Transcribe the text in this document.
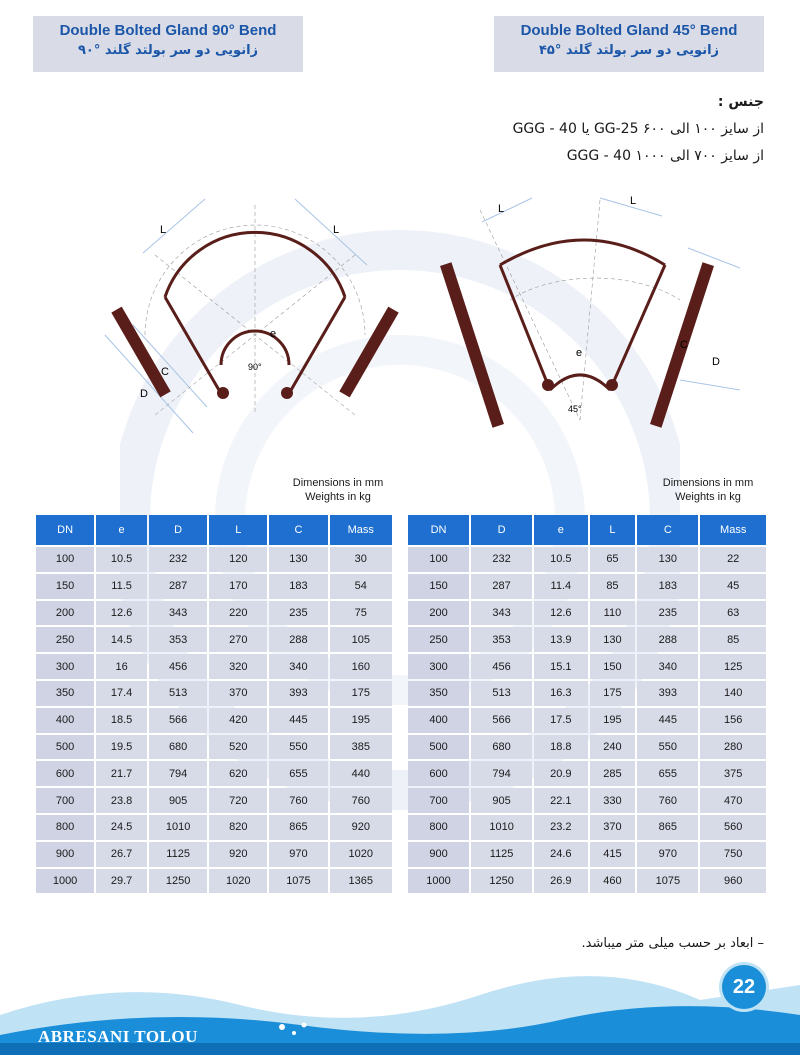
Double Bolted Gland 90° Bend
زانویی دو سر بولتد گلند °۹۰
Double Bolted Gland 45° Bend
زانویی دو سر بولتد گلند °۴۵
جنس :
از سایز ۱۰۰ الی ۶۰۰ GG-25 یا GGG - 40
از سایز ۷۰۰ الی ۱۰۰۰ GGG - 40
L	L
C
D
e
90°
L
L
C
D
e
45°
Dimensions in mm
Weights in kg
Dimensions in mm
Weights in kg
DN	e	D	L	C	Mass
100	10.5	232	120	130	30
150	11.5	287	170	183	54
200	12.6	343	220	235	75
250	14.5	353	270	288	105
300	16	456	320	340	160
350	17.4	513	370	393	175
400	18.5	566	420	445	195
500	19.5	680	520	550	385
600	21.7	794	620	655	440
700	23.8	905	720	760	760
800	24.5	1010	820	865	920
900	26.7	1125	920	970	1020
1000	29.7	1250	1020	1075	1365
DN	D	e	L	C	Mass
100	232	10.5	65	130	22
150	287	11.4	85	183	45
200	343	12.6	110	235	63
250	353	13.9	130	288	85
300	456	15.1	150	340	125
350	513	16.3	175	393	140
400	566	17.5	195	445	156
500	680	18.8	240	550	280
600	794	20.9	285	655	375
700	905	22.1	330	760	470
800	1010	23.2	370	865	560
900	1125	24.6	415	970	750
1000	1250	26.9	460	1075	960
– ابعاد بر حسب میلی متر میباشد.
22
ABRESANI TOLOU
